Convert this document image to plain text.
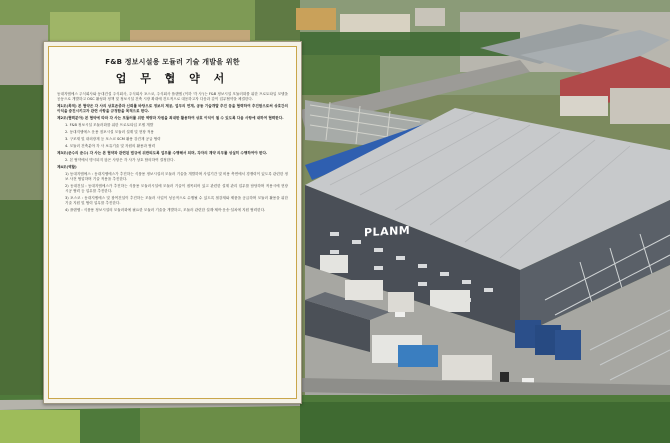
PLANM
F&B 정보시설용 모듈러 기술 개발을 위한
업 무 협 약 서

동대지엠에스 주식회사와 동대건설 주식회사, 주식회사 포스코, 주식회사 플랜엠 (이하 '각 사')는 F&B 정보시설 모듈러화를 위한 프로토타입 모델을 공동으로 개발하고 OSC 활성화 정책 및 정보시설 건축 시장 확대에 건도적으로 대응하고자 다음과 같이 업무협약을 체결한다.

제1조(목적) 본 협약은 각 사의 상호존중과 신뢰를 바탕으로 정보의 제공, 업무의 연계, 공동 기술개발 추진 등을 협력하여 추진함으로써 상호간의 이익을 증진시키고자 관련 사항을 규정함을 목적으로 한다.

제2조(협력분야) 본 협약에 따라 각 사는 모듈러를 위한 역량과 자원을 최대한 활용하여 상호 이익이 될 수 있도록 다음 사항에 대하여 협력한다.

1. F&B 정보시설 모듈러화를 위한 프로토타입 모델 개발

2. 동대지엠에스 운용 점포시설 모듈러 설계 및 현장 적용

3. 구조재 및 내외장재 등 포스코 SCM 활용 강건재 공급 협력

4. 모듈러 건축분야 각 사 보유기술 및 자원의 활용과 협력

제3조(준수의 준수) 각 사는 본 협약과 관련된 법규에 위반되도록 업무를 수행해서 되며, 각자의 계약 의무를 성실히 수행하여야 한다.

2. 본 협약에서 명시되지 않은 사항은 각 사가 상호 합의하여 결정한다.

제4조(역할)

1) 동대지엠에스 : 동대지엠에스가 추진하는 식품용 정보시설의 모듈러 기술을 개발하며 사업기간 및 비용 측면에서 경쟁력이 있도록 관련한 정보 사전 협업하며 기술 적용을 추진한다.

2) 동대건설 : 동대지엠에스가 추진하는 식품용 모듈러시설에 모듈러 기술이 접목되어 있고 관련한 설계 관리 업무를 담당하며 적용시에 현장 시공 협력 등 업무를 추진한다.

3) 포스코 : 동대지엠에스 및 참여건설이 추진하는 모듈러 사업이 성공적으로 수행될 수 있도록 철강재와 제품을 공급하며 모듈러 활용을 위한 기술 지원 및 협력 업무를 추진한다.

4) 플랜엠 : 식품용 정보시설의 모듈러화에 필요한 모듈러 기술을 개발하고, 모듈러 관련한 설계·제작·운송·설치에 지원 협력한다.
